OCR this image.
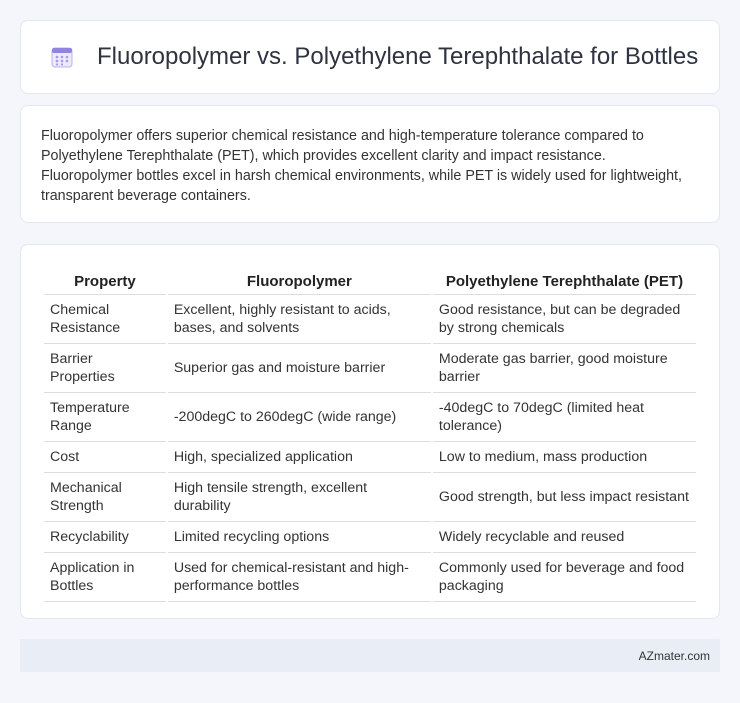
Fluoropolymer vs. Polyethylene Terephthalate for Bottles

Fluoropolymer offers superior chemical resistance and high-temperature tolerance compared to Polyethylene Terephthalate (PET), which provides excellent clarity and impact resistance. Fluoropolymer bottles excel in harsh chemical environments, while PET is widely used for lightweight, transparent beverage containers.

Property	Fluoropolymer	Polyethylene Terephthalate (PET)
Chemical Resistance	Excellent, highly resistant to acids, bases, and solvents	Good resistance, but can be degraded by strong chemicals
Barrier Properties	Superior gas and moisture barrier	Moderate gas barrier, good moisture barrier
Temperature Range	-200degC to 260degC (wide range)	-40degC to 70degC (limited heat tolerance)
Cost	High, specialized application	Low to medium, mass production
Mechanical Strength	High tensile strength, excellent durability	Good strength, but less impact resistant
Recyclability	Limited recycling options	Widely recyclable and reused
Application in Bottles	Used for chemical-resistant and high-performance bottles	Commonly used for beverage and food packaging
AZmater.com
